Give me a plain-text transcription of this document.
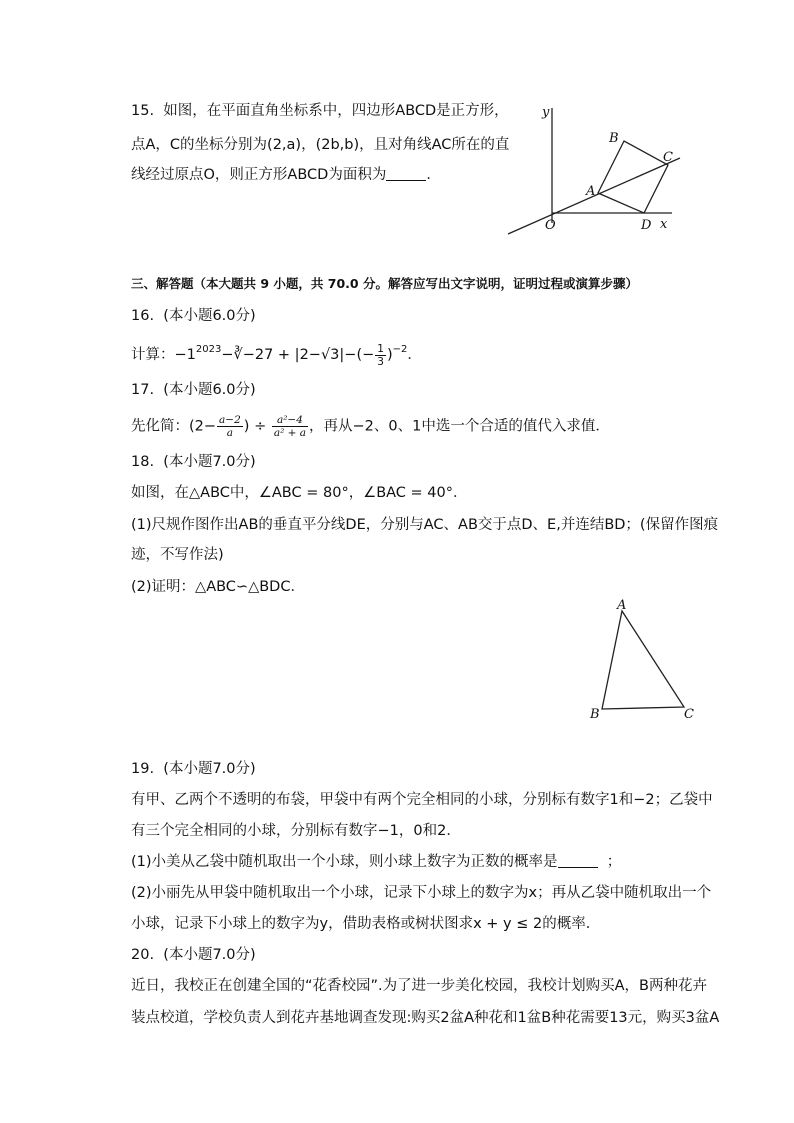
15. 如图，在平面直角坐标系中，四边形ABCD是正方形，
点A，C的坐标分别为(2,a)，(2b,b)，且对角线AC所在的直
线经过原点O，则正方形ABCD为面积为	．
y
x
O
A
B
C
D
三、解答题（本大题共 9 小题，共 70.0 分。解答应写出文字说明，证明过程或演算步骤）
16. (本小题6.0分)
计算：$-1^{2023}-∛-27 + |2-√3|-(- \frac{1}{3} )^{-2}$．
17. (本小题6.0分)
先化简：($2- \frac{a-2}{a}$ ) ÷ $\frac{\text{a²−4}}{\text{a² + a}}$ ，再从−2、0、1中选一个合适的值代入求值．
18. (本小题7.0分)
如图，在△ABC中，∠ABC = 80°，∠BAC = 40°．
(1)尺规作图作出AB的垂直平分线DE，分别与AC、AB交于点D、E,并连结BD；(保留作图痕
迹，不写作法)
(2)证明：△ABC∽△BDC．
A
B	C
19. (本小题7.0分)
有甲、乙两个不透明的布袋，甲袋中有两个完全相同的小球，分别标有数字1和−2；乙袋中
有三个完全相同的小球，分别标有数字−1，0和2．
(1)小美从乙袋中随机取出一个小球，则小球上数字为正数的概率是	；
(2)小丽先从甲袋中随机取出一个小球，记录下小球上的数字为x；再从乙袋中随机取出一个
小球，记录下小球上的数字为y，借助表格或树状图求x + y ≤ 2的概率．
20. (本小题7.0分)
近日，我校正在创建全国的“花香校园”.为了进一步美化校园，我校计划购买A，B两种花卉
装点校道，学校负责人到花卉基地调查发现:购买2盆A种花和1盆B种花需要13元，购买3盆A
